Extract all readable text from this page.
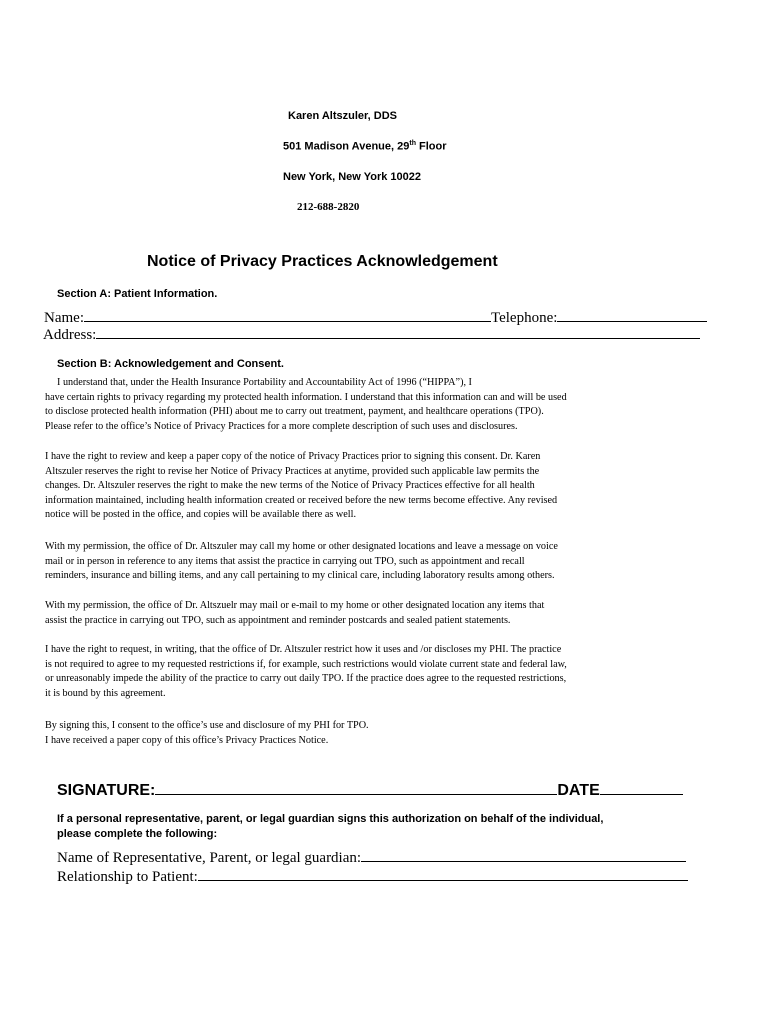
Karen Altszuler, DDS
501 Madison Avenue, 29th Floor
New York, New York 10022
212-688-2820
Notice of Privacy Practices Acknowledgement
Section A: Patient Information.
Name:	Telephone:
Address:
Section B: Acknowledgement and Consent.
I understand that, under the Health Insurance Portability and Accountability Act of 1996 (“HIPPA”), I
have certain rights to privacy regarding my protected health information. I understand that this information can and will be used
to disclose protected health information (PHI) about me to carry out treatment, payment, and healthcare operations (TPO).
Please refer to the office’s Notice of Privacy Practices for a more complete description of such uses and disclosures.
I have the right to review and keep a paper copy of the notice of Privacy Practices prior to signing this consent. Dr. Karen
Altszuler reserves the right to revise her Notice of Privacy Practices at anytime, provided such applicable law permits the
changes. Dr. Altszuler reserves the right to make the new terms of the Notice of Privacy Practices effective for all health
information maintained, including health information created or received before the new terms become effective. Any revised
notice will be posted in the office, and copies will be available there as well.
With my permission, the office of Dr. Altszuler may call my home or other designated locations and leave a message on voice
mail or in person in reference to any items that assist the practice in carrying out TPO, such as appointment and recall
reminders, insurance and billing items, and any call pertaining to my clinical care, including laboratory results among others.
With my permission, the office of Dr. Altszuelr may mail or e-mail to my home or other designated location any items that
assist the practice in carrying out TPO, such as appointment and reminder postcards and sealed patient statements.
I have the right to request, in writing, that the office of Dr. Altszuler restrict how it uses and /or discloses my PHI. The practice
is not required to agree to my requested restrictions if, for example, such restrictions would violate current state and federal law,
or unreasonably impede the ability of the practice to carry out daily TPO. If the practice does agree to the requested restrictions,
it is bound by this agreement.
By signing this, I consent to the office’s use and disclosure of my PHI for TPO.
I have received a paper copy of this office’s Privacy Practices Notice.
SIGNATURE:	DATE
If a personal representative, parent, or legal guardian signs this authorization on behalf of the individual,
please complete the following:
Name of Representative, Parent, or legal guardian:
Relationship to Patient:
